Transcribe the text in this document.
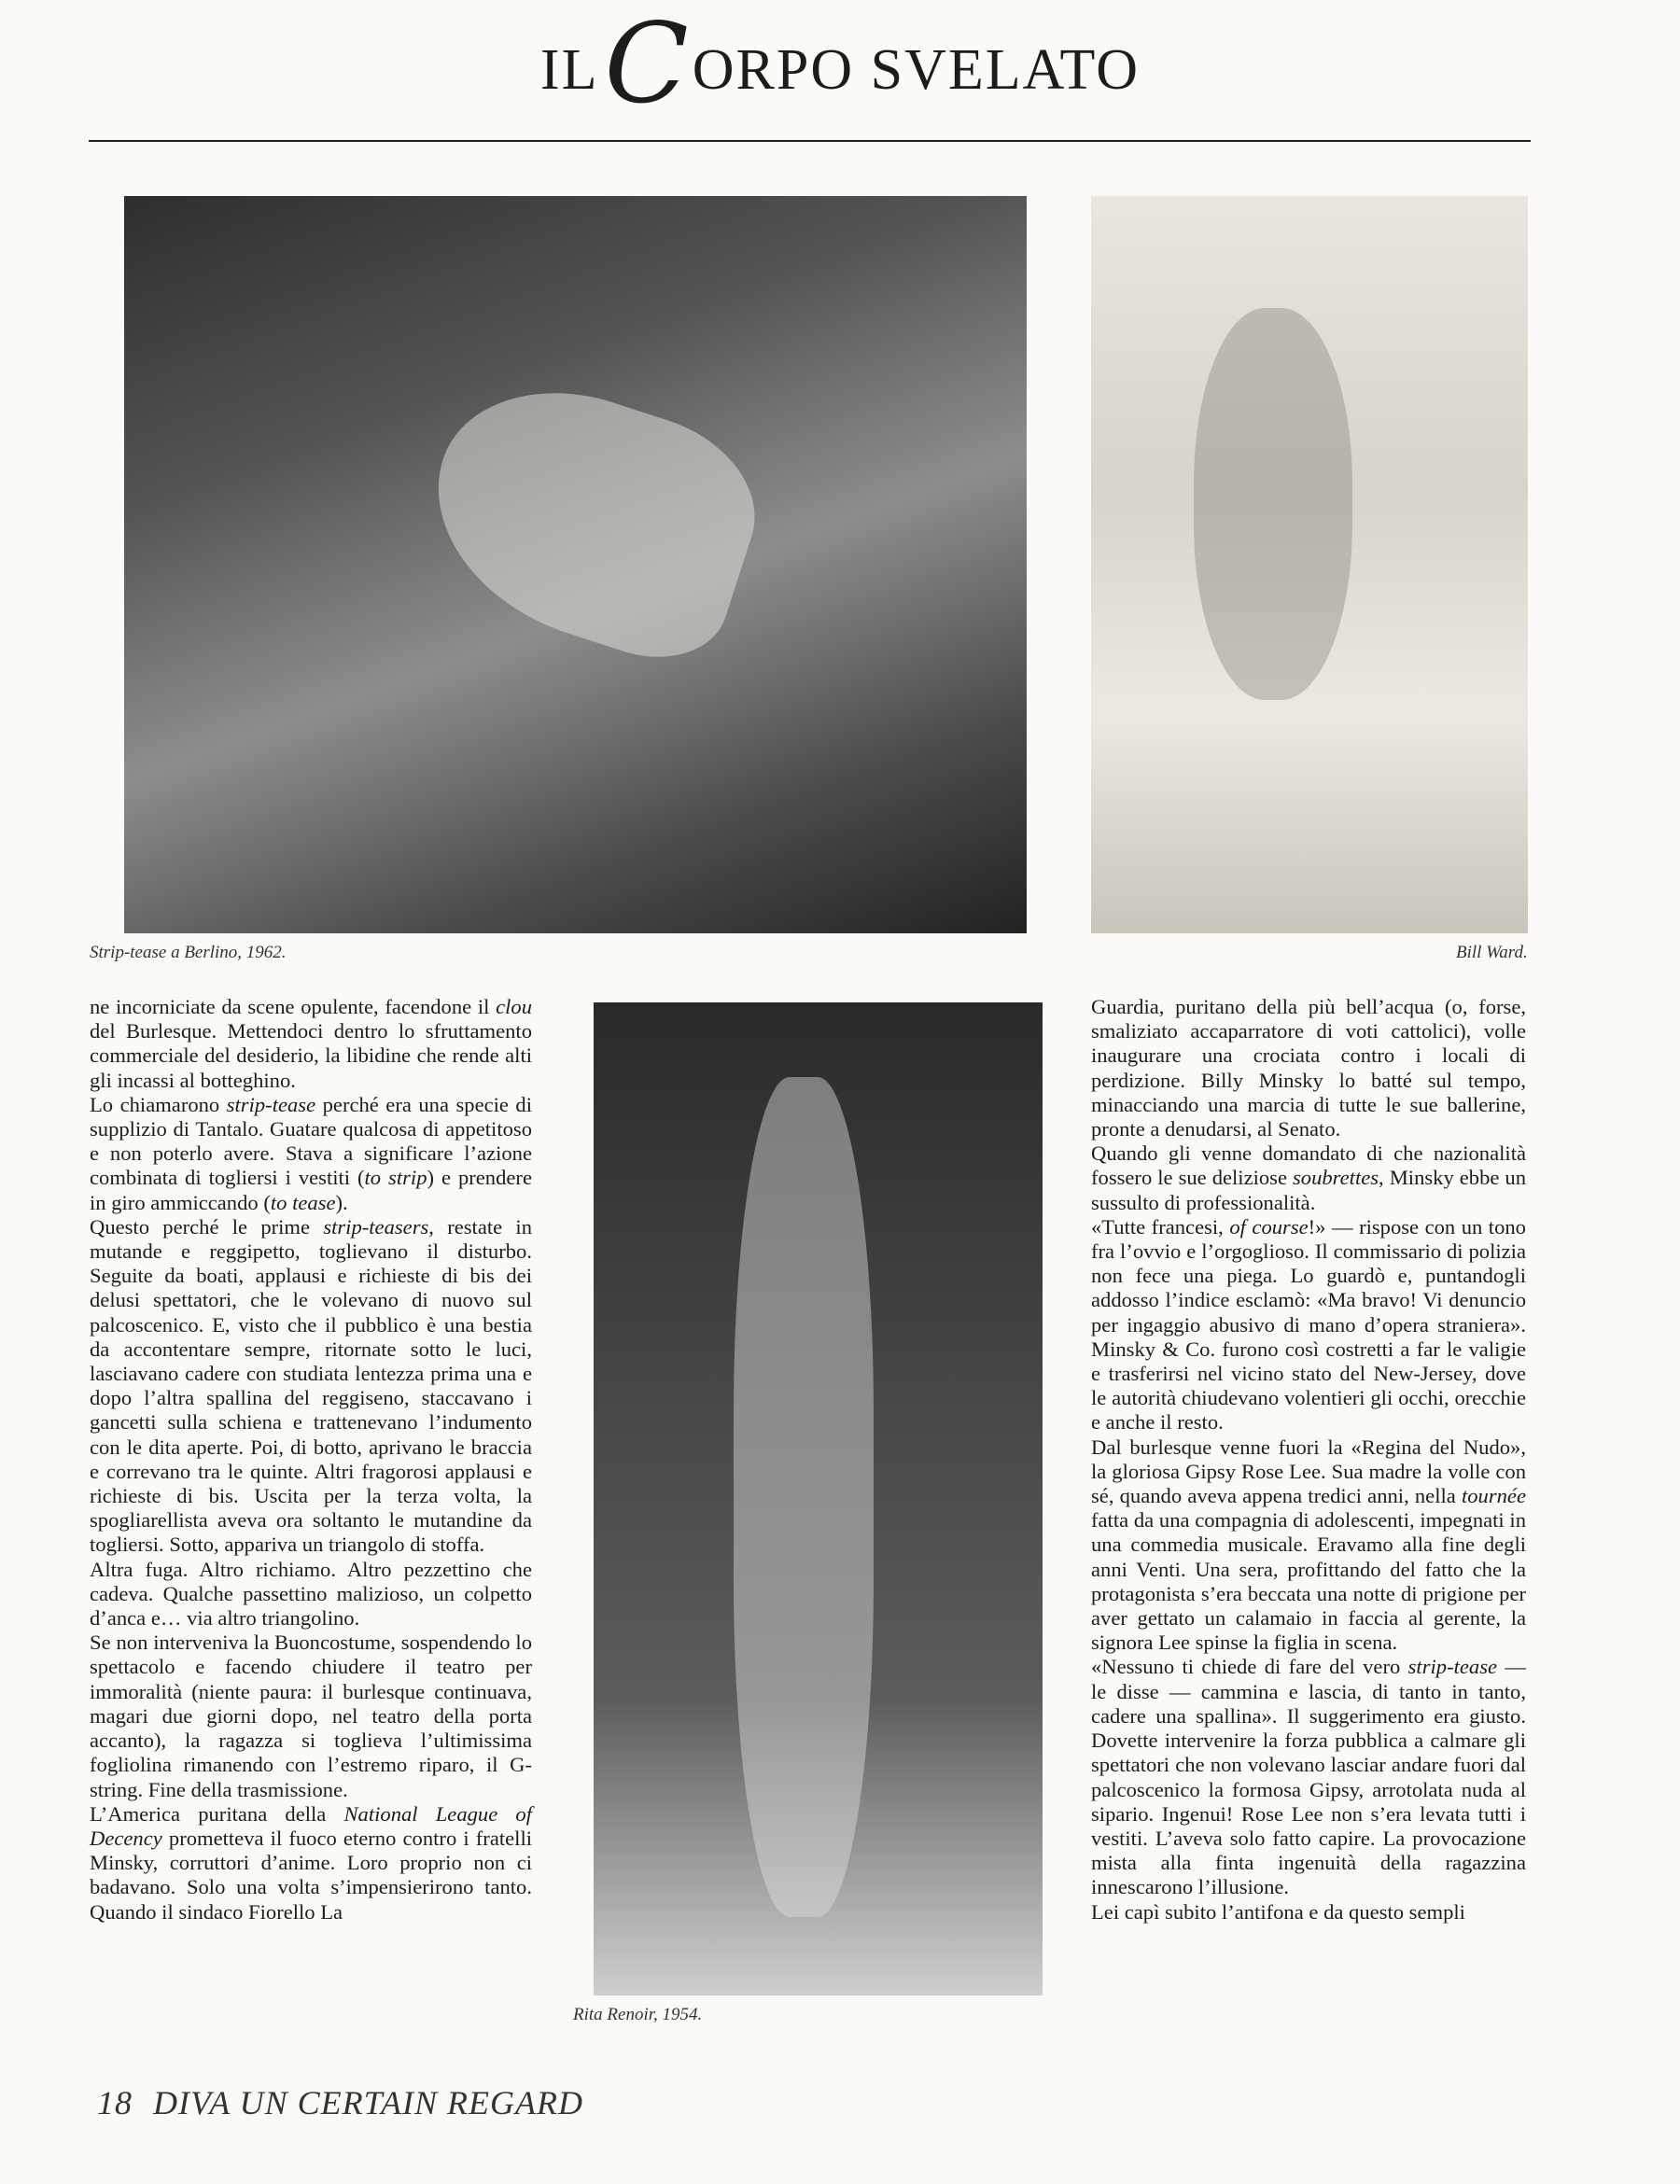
ILCORPO SVELATO
Strip-tease a Berlino, 1962.	Bill Ward.
Rita Renoir, 1954.

ne incorniciate da scene opulente, facendone il clou del Burlesque. Mettendoci dentro lo sfruttamento commerciale del desiderio, la libidine che rende alti gli incassi al botteghino.

Lo chiamarono strip-tease perché era una specie di supplizio di Tantalo. Guatare qualcosa di appetitoso e non poterlo avere. Stava a significare l’azione combinata di togliersi i vestiti (to strip) e prendere in giro ammiccando (to tease).

Questo perché le prime strip-teasers, restate in mutande e reggipetto, toglievano il disturbo. Seguite da boati, applausi e richieste di bis dei delusi spettatori, che le volevano di nuovo sul palcoscenico. E, visto che il pubblico è una bestia da accontentare sempre, ritornate sotto le luci, lasciavano cadere con studiata lentezza prima una e dopo l’altra spallina del reggiseno, staccavano i gancetti sulla schiena e trattenevano l’indumento con le dita aperte. Poi, di botto, aprivano le braccia e correvano tra le quinte. Altri fragorosi applausi e richieste di bis. Uscita per la terza volta, la spogliarellista aveva ora soltanto le mutandine da togliersi. Sotto, appariva un triangolo di stoffa.

Altra fuga. Altro richiamo. Altro pezzettino che cadeva. Qualche passettino malizioso, un colpetto d’anca e… via altro triangolino.

Se non interveniva la Buoncostume, sospendendo lo spettacolo e facendo chiudere il teatro per immoralità (niente paura: il burlesque continuava, magari due giorni dopo, nel teatro della porta accanto), la ragazza si toglieva l’ultimissima fogliolina rimanendo con l’estremo riparo, il G-string. Fine della trasmissione.

L’America puritana della National League of Decency prometteva il fuoco eterno contro i fratelli Minsky, corruttori d’anime. Loro proprio non ci badavano. Solo una volta s’impensierirono tanto. Quando il sindaco Fiorello La

Guardia, puritano della più bell’acqua (o, forse, smaliziato accaparratore di voti cattolici), volle inaugurare una crociata contro i locali di perdizione. Billy Minsky lo batté sul tempo, minacciando una marcia di tutte le sue ballerine, pronte a denudarsi, al Senato.

Quando gli venne domandato di che nazionalità fossero le sue deliziose soubrettes, Minsky ebbe un sussulto di professionalità.

«Tutte francesi, of course!» — rispose con un tono fra l’ovvio e l’orgoglioso. Il commissario di polizia non fece una piega. Lo guardò e, puntandogli addosso l’indice esclamò: «Ma bravo! Vi denuncio per ingaggio abusivo di mano d’opera straniera». Minsky & Co. furono così costretti a far le valigie e trasferirsi nel vicino stato del New-Jersey, dove le autorità chiudevano volentieri gli occhi, orecchie e anche il resto.

Dal burlesque venne fuori la «Regina del Nudo», la gloriosa Gipsy Rose Lee. Sua madre la volle con sé, quando aveva appena tredici anni, nella tournée fatta da una compagnia di adolescenti, impegnati in una commedia musicale. Eravamo alla fine degli anni Venti. Una sera, profittando del fatto che la protagonista s’era beccata una notte di prigione per aver gettato un calamaio in faccia al gerente, la signora Lee spinse la figlia in scena.

«Nessuno ti chiede di fare del vero strip-tease — le disse — cammina e lascia, di tanto in tanto, cadere una spallina». Il suggerimento era giusto. Dovette intervenire la forza pubblica a calmare gli spettatori che non volevano lasciar andare fuori dal palcoscenico la formosa Gipsy, arrotolata nuda al sipario. Ingenui! Rose Lee non s’era levata tutti i vestiti. L’aveva solo fatto capire. La provocazione mista alla finta ingenuità della ragazzina innescarono l’illusione.

Lei capì subito l’antifona e da questo sempli

18 DIVA UN CERTAIN REGARD
